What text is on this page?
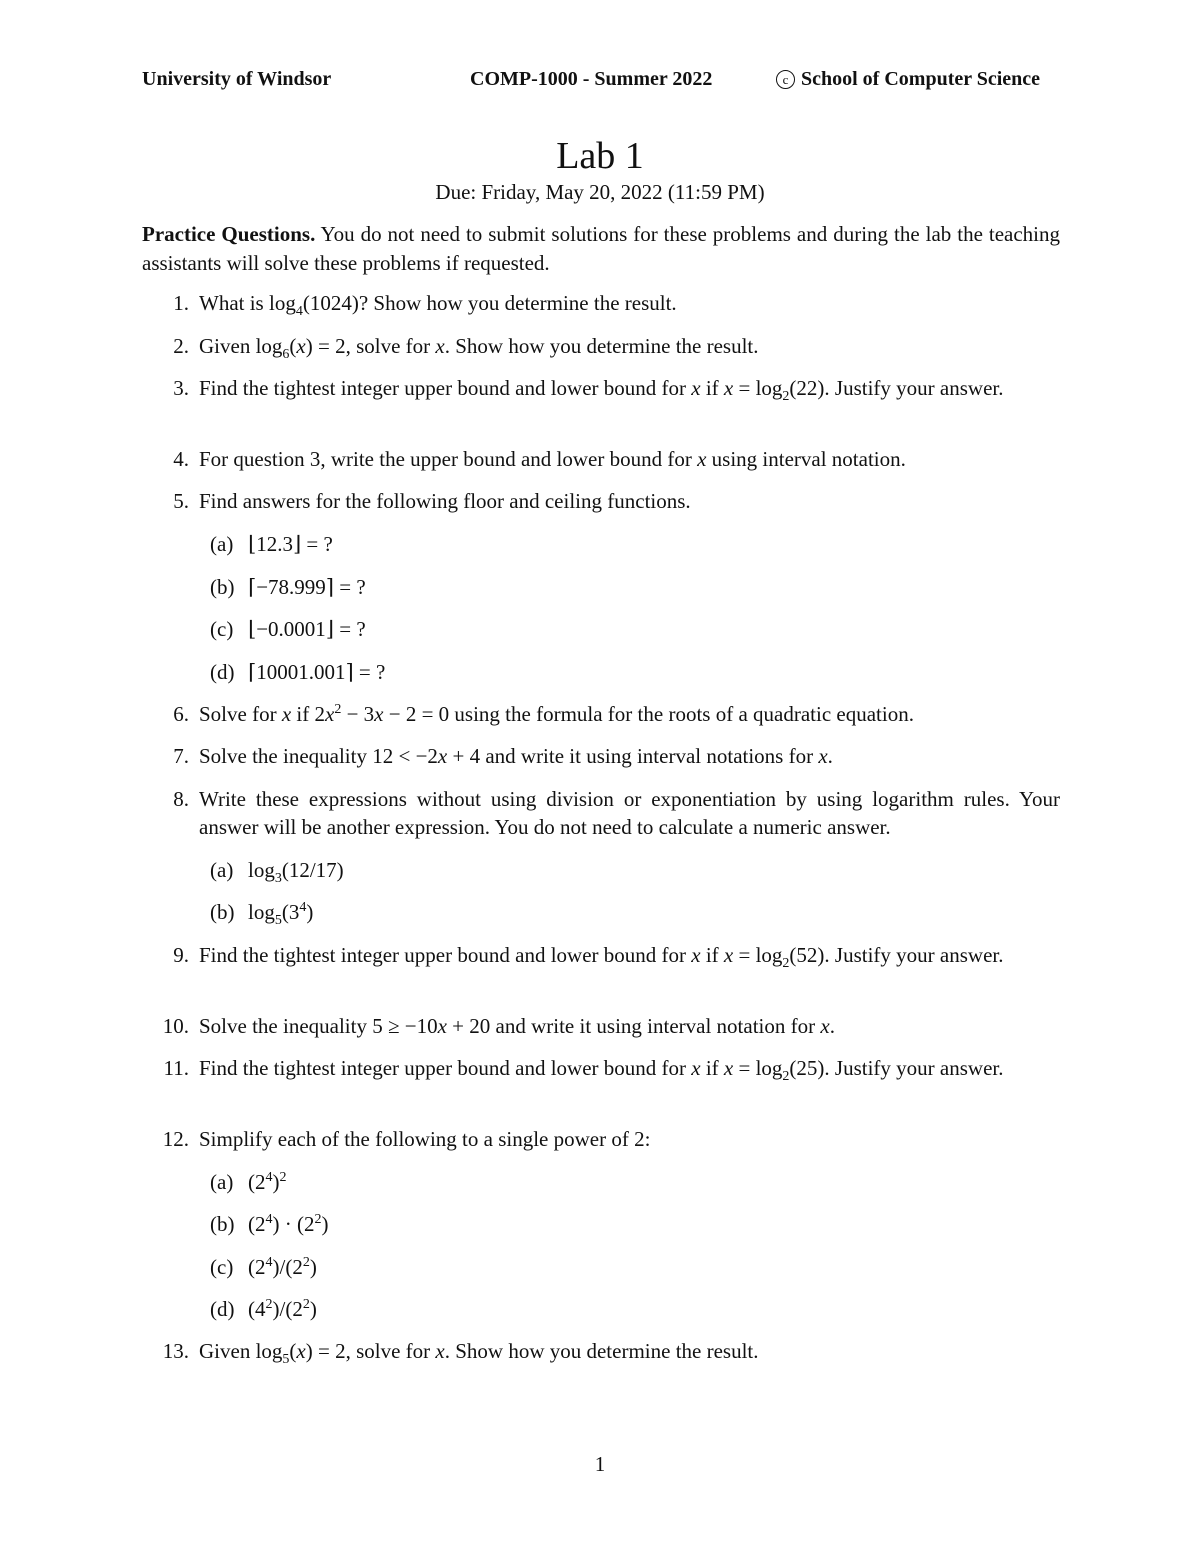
University of Windsor	COMP-1000 - Summer 2022	c School of Computer Science
Lab 1
Due: Friday, May 20, 2022 (11:59 PM)
Practice Questions. You do not need to submit solutions for these problems and during the lab the teaching assistants will solve these problems if requested.
1. What is $\log_4(1024)$? Show how you determine the result.
2. Given $\log_6(x) = 2$, solve for x. Show how you determine the result.
3. Find the tightest integer upper bound and lower bound for x if $x = \log_2(22)$. Justify your answer.
4. For question 3, write the upper bound and lower bound for x using interval notation.
5. Find answers for the following floor and ceiling functions.
(a) ⌊12.3⌋ = ?
(b) ⌈−78.999⌉ = ?
(c) ⌊−0.0001⌋ = ?
(d) ⌈10001.001⌉ = ?
6. Solve for x if $2x^2 - 3x - 2 = 0$ using the formula for the roots of a quadratic equation.
7. Solve the inequality 12 < −2x + 4 and write it using interval notations for x.
8. Write these expressions without using division or exponentiation by using logarithm rules. Your answer will be another expression. You do not need to calculate a numeric answer.
(a) $\log_3(12/17)$
(b) $\log_5(3^4)$
9. Find the tightest integer upper bound and lower bound for x if $x = \log_2(52)$. Justify your answer.
10. Solve the inequality 5 ≥ −10x + 20 and write it using interval notation for x.
11. Find the tightest integer upper bound and lower bound for x if $x = \log_2(25)$. Justify your answer.
12. Simplify each of the following to a single power of 2:
(a) $(2^4)^2$
(b) $(2^4) \cdot (2^2)$
(c) $(2^4)/(2^2)$
(d) $(4^2)/(2^2)$
13. Given $\log_5(x) = 2$, solve for x. Show how you determine the result.
1
